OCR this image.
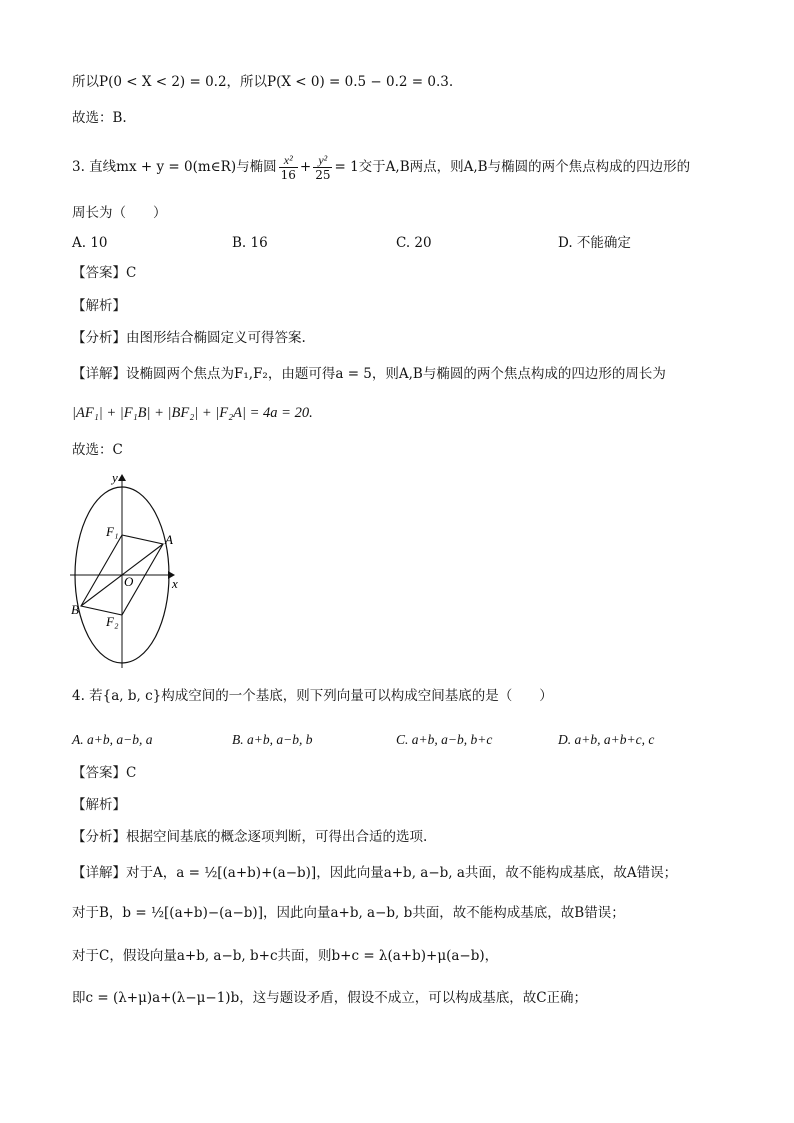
所以P(0 < X < 2) = 0.2，所以P(X < 0) = 0.5 − 0.2 = 0.3.
故选：B.
3. 直线mx + y = 0(m∈R)与椭圆 $\frac{\text{x²}}{16} + \frac{\text{y²}}{25} = 1$交于A,B两点，则A,B与椭圆的两个焦点构成的四边形的
周长为（　　）
A. 10	B. 16	C. 20	D. 不能确定
【答案】C
【解析】
【分析】由图形结合椭圆定义可得答案.
【详解】设椭圆两个焦点为F₁,F₂，由题可得a = 5，则A,B与椭圆的两个焦点构成的四边形的周长为
|AF₁| + |F₁B| + |BF₂| + |F₂A| = 4a = 20.
故选：C
y
x
O
F₁
F₂
A
B
4. 若{a, b, c}构成空间的一个基底，则下列向量可以构成空间基底的是（　　）
A. a+b, a−b, a	B. a+b, a−b, b	C. a+b, a−b, b+c	D. a+b, a+b+c, c
【答案】C
【解析】
【分析】根据空间基底的概念逐项判断，可得出合适的选项.
【详解】对于A，a = ½[(a+b)+(a−b)]，因此向量a+b, a−b, a共面，故不能构成基底，故A错误；
对于B，b = ½[(a+b)−(a−b)]，因此向量a+b, a−b, b共面，故不能构成基底，故B错误；
对于C，假设向量a+b, a−b, b+c共面，则b+c = λ(a+b)+μ(a−b)，
即c = (λ+μ)a+(λ−μ−1)b，这与题设矛盾，假设不成立，可以构成基底，故C正确；
